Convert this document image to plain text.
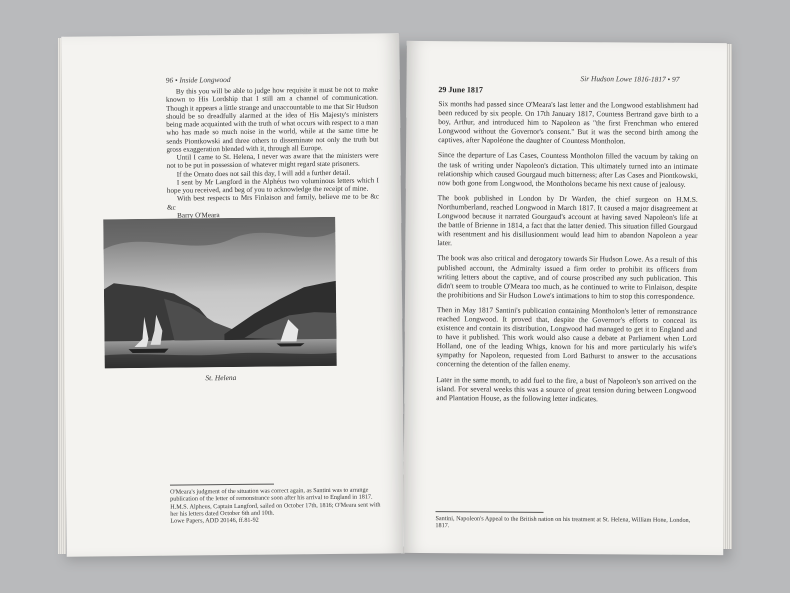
96 • Inside Longwood

By this you will be able to judge how requisite it must be not to make known to His Lordship that I still am a channel of communication. Though it appears a little strange and unaccountable to me that Sir Hudson should be so dreadfully alarmed at the idea of His Majesty's ministers being made acquainted with the truth of what occurs with respect to a man who has made so much noise in the world, while at the same time he sends Piontkowski and three others to disseminate not only the truth but gross exaggeration blended with it, through all Europe.

Until I came to St. Helena, I never was aware that the ministers were not to be put in possession of whatever might regard state prisoners.

If the Ornato does not sail this day, I will add a further detail.

I sent by Mr Langford in the Alphéus two voluminous letters which I hope you received, and beg of you to acknowledge the receipt of mine.

With best respects to Mrs Finlaison and family, believe me to be &c &c

Barry O'Meara

St. Helena
O'Meara's judgment of the situation was correct again, as Santini was to arrange publication of the letter of remonstrance soon after his arrival to England in 1817.
H.M.S. Alpheus, Captain Langford, sailed on October 17th, 1816; O'Meara sent with her his letters dated October 6th and 10th.
Lowe Papers, ADD 20146, ff.81-92
Sir Hudson Lowe 1816-1817 • 97
29 June 1817

Six months had passed since O'Meara's last letter and the Longwood establishment had been reduced by six people. On 17th January 1817, Countess Bertrand gave birth to a boy, Arthur, and introduced him to Napoleon as "the first Frenchman who entered Longwood without the Governor's consent." But it was the second birth among the captives, after Napoléone the daughter of Countess Montholon.

Since the departure of Las Cases, Countess Montholon filled the vacuum by taking on the task of writing under Napoleon's dictation. This ultimately turned into an intimate relationship which caused Gourgaud much bitterness; after Las Cases and Piontkowski, now both gone from Longwood, the Montholons became his next cause of jealousy.

The book published in London by Dr Warden, the chief surgeon on H.M.S. Northumberland, reached Longwood in March 1817. It caused a major disagreement at Longwood because it narrated Gourgaud's account at having saved Napoleon's life at the battle of Brienne in 1814, a fact that the latter denied. This situation filled Gourgaud with resentment and his disillusionment would lead him to abandon Napoleon a year later.

The book was also critical and derogatory towards Sir Hudson Lowe. As a result of this published account, the Admiralty issued a firm order to prohibit its officers from writing letters about the captive, and of course proscribed any such publication. This didn't seem to trouble O'Meara too much, as he continued to write to Finlaison, despite the prohibitions and Sir Hudson Lowe's intimations to him to stop this correspondence.

Then in May 1817 Santini's publication containing Montholon's letter of remonstrance reached Longwood. It proved that, despite the Governor's efforts to conceal its existence and contain its distribution, Longwood had managed to get it to England and to have it published. This work would also cause a debate at Parliament when Lord Holland, one of the leading Whigs, known for his and more particularly his wife's sympathy for Napoleon, requested from Lord Bathurst to answer to the accusations concerning the detention of the fallen enemy.

Later in the same month, to add fuel to the fire, a bust of Napoleon's son arrived on the island. For several weeks this was a source of great tension during between Longwood and Plantation House, as the following letter indicates.

Santini, Napoleon's Appeal to the British nation on his treatment at St. Helena, William Hone, London, 1817.
